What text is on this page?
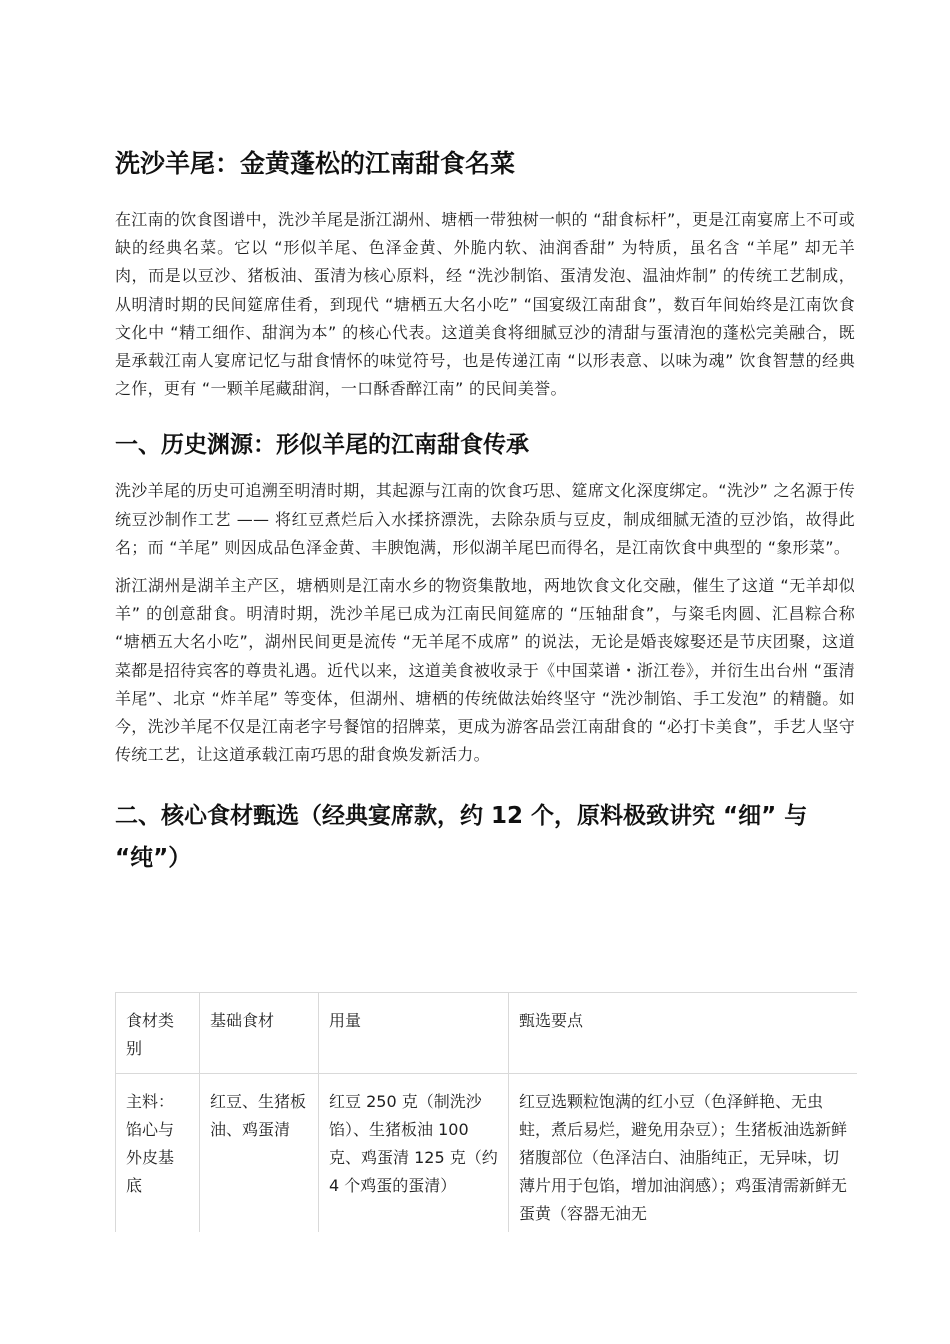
洗沙羊尾：金黄蓬松的江南甜食名菜

在江南的饮食图谱中，洗沙羊尾是浙江湖州、塘栖一带独树一帜的 “甜食标杆”，更是江南宴席上不可或缺的经典名菜。它以 “形似羊尾、色泽金黄、外脆内软、油润香甜” 为特质，虽名含 “羊尾” 却无羊肉，而是以豆沙、猪板油、蛋清为核心原料，经 “洗沙制馅、蛋清发泡、温油炸制” 的传统工艺制成，从明清时期的民间筵席佳肴，到现代 “塘栖五大名小吃” “国宴级江南甜食”，数百年间始终是江南饮食文化中 “精工细作、甜润为本” 的核心代表。这道美食将细腻豆沙的清甜与蛋清泡的蓬松完美融合，既是承载江南人宴席记忆与甜食情怀的味觉符号，也是传递江南 “以形表意、以味为魂” 饮食智慧的经典之作，更有 “一颗羊尾藏甜润，一口酥香醉江南” 的民间美誉。

一、历史渊源：形似羊尾的江南甜食传承

洗沙羊尾的历史可追溯至明清时期，其起源与江南的饮食巧思、筵席文化深度绑定。“洗沙” 之名源于传统豆沙制作工艺 —— 将红豆煮烂后入水揉挤漂洗，去除杂质与豆皮，制成细腻无渣的豆沙馅，故得此名；而 “羊尾” 则因成品色泽金黄、丰腴饱满，形似湖羊尾巴而得名，是江南饮食中典型的 “象形菜”。

浙江湖州是湖羊主产区，塘栖则是江南水乡的物资集散地，两地饮食文化交融，催生了这道 “无羊却似羊” 的创意甜食。明清时期，洗沙羊尾已成为江南民间筵席的 “压轴甜食”，与粢毛肉圆、汇昌粽合称 “塘栖五大名小吃”，湖州民间更是流传 “无羊尾不成席” 的说法，无论是婚丧嫁娶还是节庆团聚，这道菜都是招待宾客的尊贵礼遇。近代以来，这道美食被收录于《中国菜谱・浙江卷》，并衍生出台州 “蛋清羊尾”、北京 “炸羊尾” 等变体，但湖州、塘栖的传统做法始终坚守 “洗沙制馅、手工发泡” 的精髓。如今，洗沙羊尾不仅是江南老字号餐馆的招牌菜，更成为游客品尝江南甜食的 “必打卡美食”，手艺人坚守传统工艺，让这道承载江南巧思的甜食焕发新活力。

二、核心食材甄选（经典宴席款，约 12 个，原料极致讲究 “细” 与 “纯”）
食材类别	基础食材	用量	甄选要点
主料：馅心与外皮基底	红豆、生猪板油、鸡蛋清	红豆 250 克（制洗沙馅）、生猪板油 100 克、鸡蛋清 125 克（约 4 个鸡蛋的蛋清）	红豆选颗粒饱满的红小豆（色泽鲜艳、无虫蛀，煮后易烂，避免用杂豆）；生猪板油选新鲜猪腹部位（色泽洁白、油脂纯正，无异味，切薄片用于包馅，增加油润感）；鸡蛋清需新鲜无蛋黄（容器无油无
